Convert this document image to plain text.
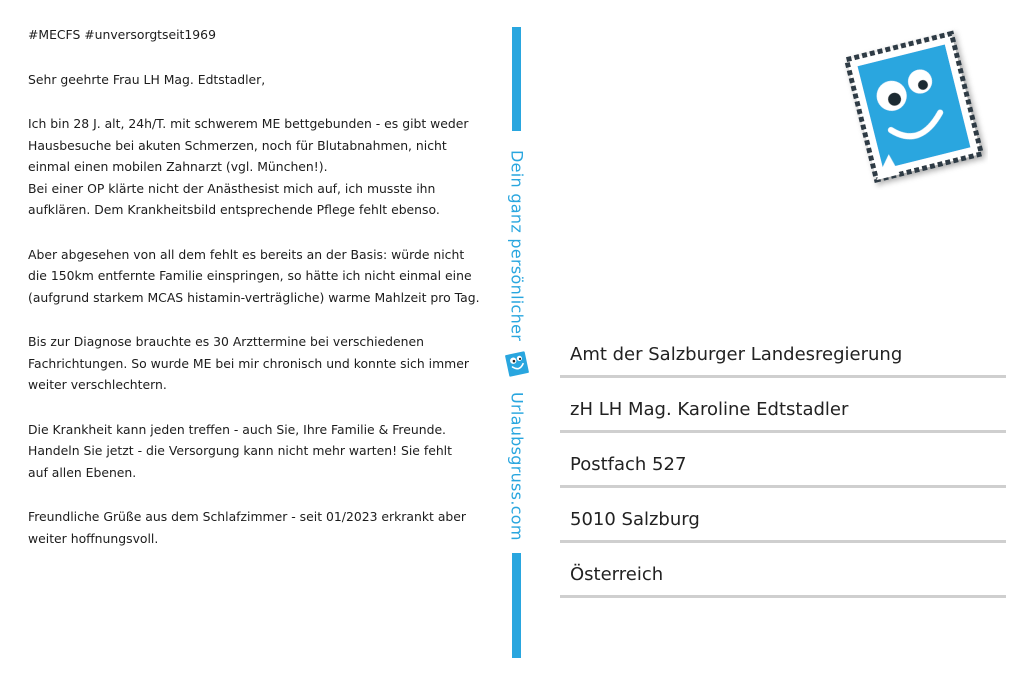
#MECFS #unversorgtseit1969

Sehr geehrte Frau LH Mag. Edtstadler,

Ich bin 28 J. alt, 24h/T. mit schwerem ME bettgebunden - es gibt weder
Hausbesuche bei akuten Schmerzen, noch für Blutabnahmen, nicht
einmal einen mobilen Zahnarzt (vgl. München!).
Bei einer OP klärte nicht der Anästhesist mich auf, ich musste ihn
aufklären. Dem Krankheitsbild entsprechende Pflege fehlt ebenso.

Aber abgesehen von all dem fehlt es bereits an der Basis: würde nicht
die 150km entfernte Familie einspringen, so hätte ich nicht einmal eine
(aufgrund starkem MCAS histamin-verträgliche) warme Mahlzeit pro Tag.

Bis zur Diagnose brauchte es 30 Arzttermine bei verschiedenen
Fachrichtungen. So wurde ME bei mir chronisch und konnte sich immer
weiter verschlechtern.

Die Krankheit kann jeden treffen - auch Sie, Ihre Familie & Freunde.
Handeln Sie jetzt - die Versorgung kann nicht mehr warten! Sie fehlt
auf allen Ebenen.

Freundliche Grüße aus dem Schlafzimmer - seit 01/2023 erkrankt aber
weiter hoffnungsvoll.

Dein ganz persönlicher
Urlaubsgruss.com
Amt der Salzburger Landesregierung
zH LH Mag. Karoline Edtstadler
Postfach 527
5010 Salzburg
Österreich
